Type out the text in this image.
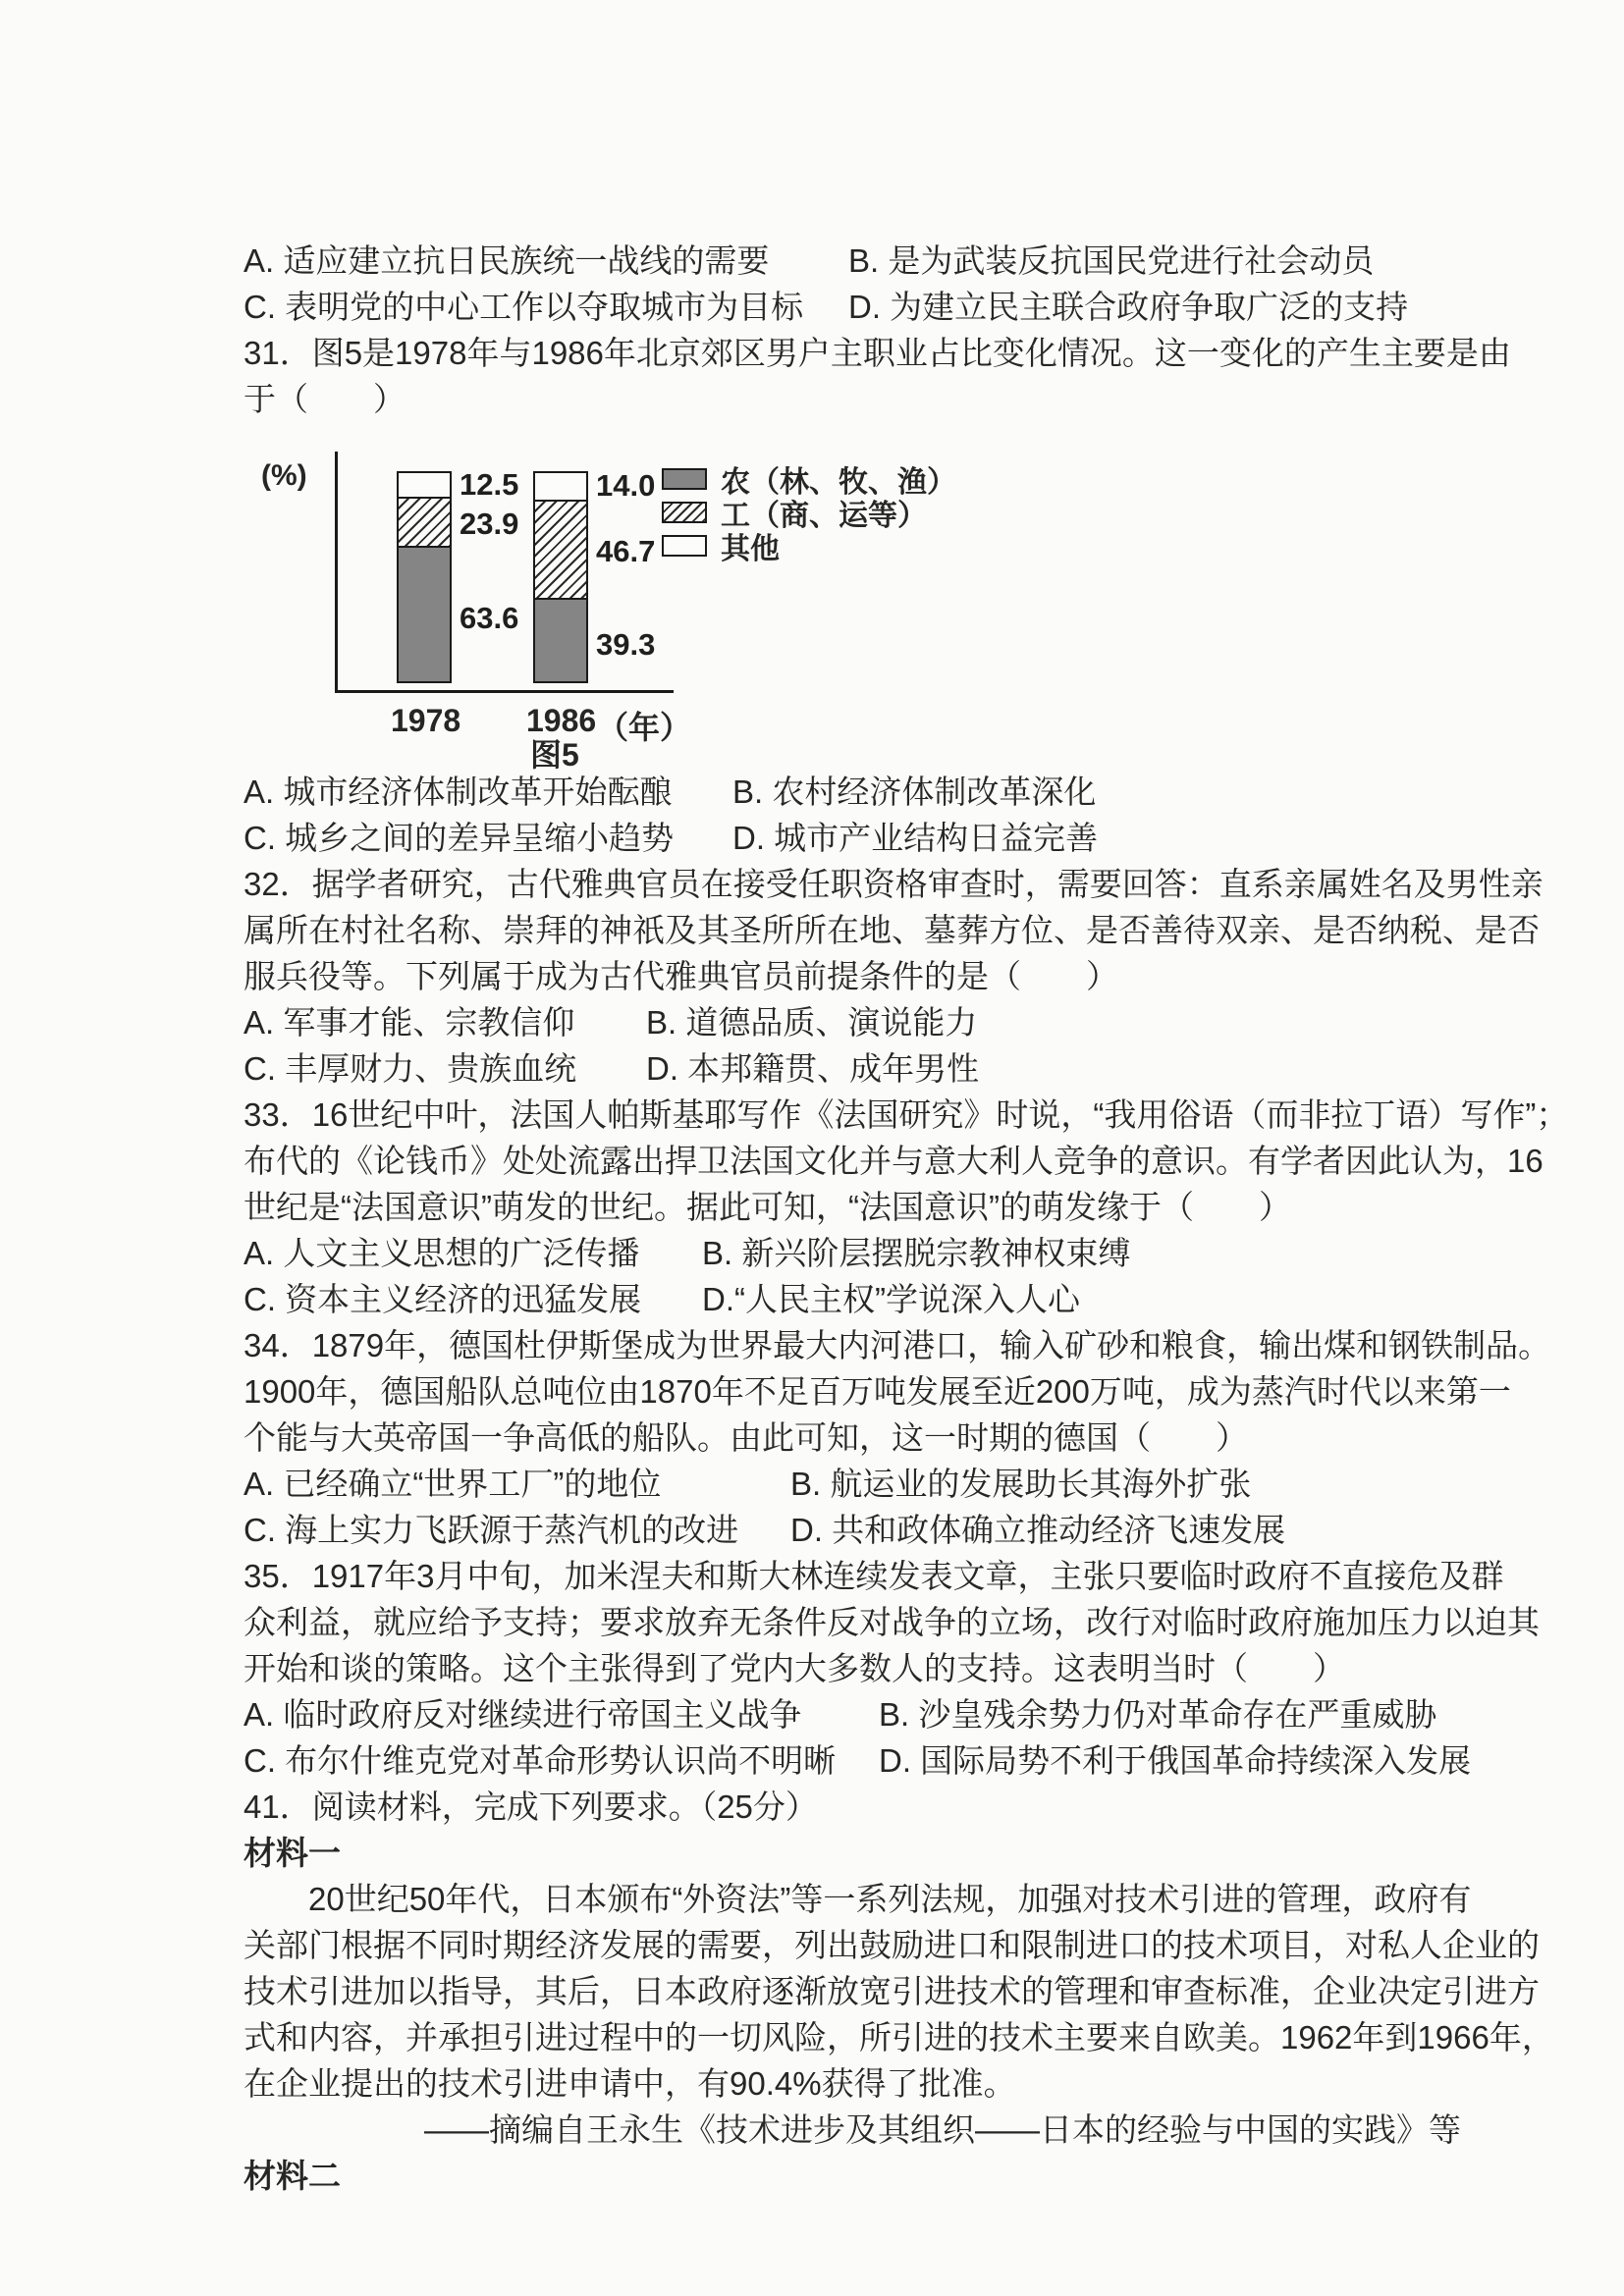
A. 适应建立抗日民族统一战线的需要	B. 是为武装反抗国民党进行社会动员
C. 表明党的中心工作以夺取城市为目标	D. 为建立民主联合政府争取广泛的支持
31．图5是1978年与1986年北京郊区男户主职业占比变化情况。这一变化的产生主要是由
于（　　）
(%)	12.5
23.9
63.6
14.0
46.7
39.3
1978 1986 （年）
农（林、牧、渔）
工（商、运等）
其他
图5
A. 城市经济体制改革开始酝酿	B. 农村经济体制改革深化
C. 城乡之间的差异呈缩小趋势	D. 城市产业结构日益完善
32．据学者研究，古代雅典官员在接受任职资格审查时，需要回答：直系亲属姓名及男性亲
属所在村社名称、崇拜的神祇及其圣所所在地、墓葬方位、是否善待双亲、是否纳税、是否
服兵役等。下列属于成为古代雅典官员前提条件的是（　　）
A. 军事才能、宗教信仰	B. 道德品质、演说能力
C. 丰厚财力、贵族血统	D. 本邦籍贯、成年男性
33．16世纪中叶，法国人帕斯基耶写作《法国研究》时说，“我用俗语（而非拉丁语）写作”；
布代的《论钱币》处处流露出捍卫法国文化并与意大利人竞争的意识。有学者因此认为，16
世纪是“法国意识”萌发的世纪。据此可知，“法国意识”的萌发缘于（　　）
A. 人文主义思想的广泛传播	B. 新兴阶层摆脱宗教神权束缚
C. 资本主义经济的迅猛发展	D.“人民主权”学说深入人心
34．1879年，德国杜伊斯堡成为世界最大内河港口，输入矿砂和粮食，输出煤和钢铁制品。
1900年，德国船队总吨位由1870年不足百万吨发展至近200万吨，成为蒸汽时代以来第一
个能与大英帝国一争高低的船队。由此可知，这一时期的德国（　　）
A. 已经确立“世界工厂”的地位	B. 航运业的发展助长其海外扩张
C. 海上实力飞跃源于蒸汽机的改进	D. 共和政体确立推动经济飞速发展
35．1917年3月中旬，加米涅夫和斯大林连续发表文章，主张只要临时政府不直接危及群
众利益，就应给予支持；要求放弃无条件反对战争的立场，改行对临时政府施加压力以迫其
开始和谈的策略。这个主张得到了党内大多数人的支持。这表明当时（　　）
A. 临时政府反对继续进行帝国主义战争	B. 沙皇残余势力仍对革命存在严重威胁
C. 布尔什维克党对革命形势认识尚不明晰	D. 国际局势不利于俄国革命持续深入发展
41．阅读材料，完成下列要求。（25分）
材料一
20世纪50年代，日本颁布“外资法”等一系列法规，加强对技术引进的管理，政府有
关部门根据不同时期经济发展的需要，列出鼓励进口和限制进口的技术项目，对私人企业的
技术引进加以指导，其后，日本政府逐渐放宽引进技术的管理和审查标准，企业决定引进方
式和内容，并承担引进过程中的一切风险，所引进的技术主要来自欧美。1962年到1966年，
在企业提出的技术引进申请中，有90.4%获得了批准。
——摘编自王永生《技术进步及其组织——日本的经验与中国的实践》等
材料二
